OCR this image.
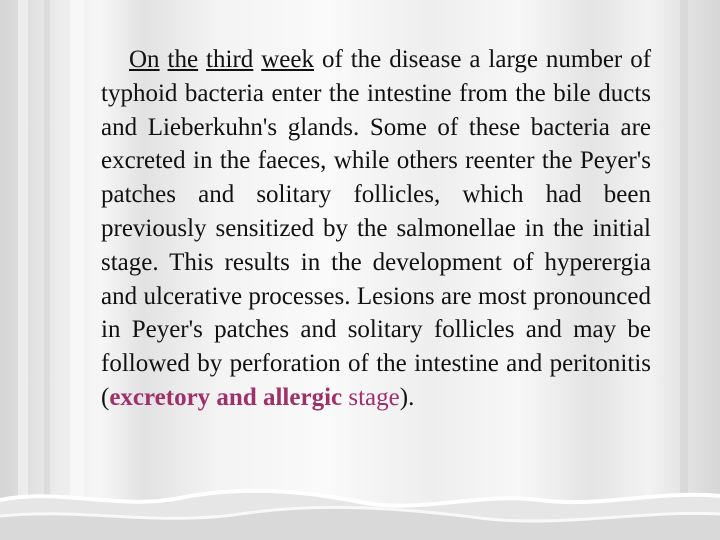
On the third week of the disease a large number of typhoid bacteria enter the intestine from the bile ducts and Lieberkuhn's glands. Some of these bacteria are excreted in the faeces, while others reenter the Peyer's patches and solitary follicles, which had been previously sensitized by the salmonellae in the initial stage. This results in the development of hyperergia and ulcerative processes. Lesions are most pronounced in Peyer's patches and solitary follicles and may be followed by perforation of the intestine and peritonitis (excretory and allergic stage).
